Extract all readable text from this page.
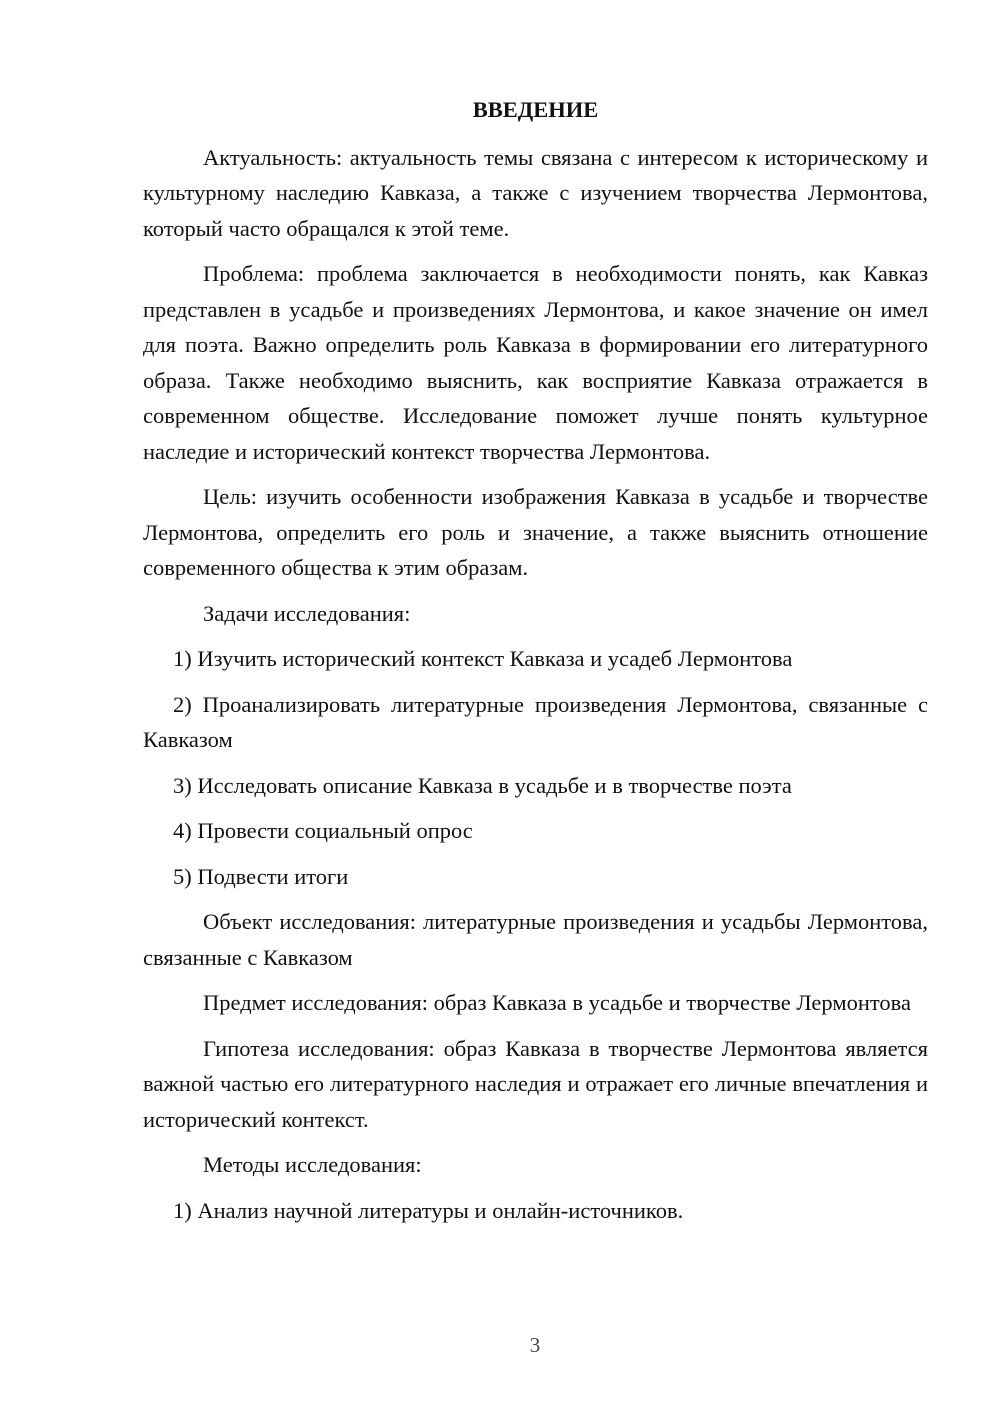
ВВЕДЕНИЕ

Актуальность: актуальность темы связана с интересом к историческому и культурному наследию Кавказа, а также с изучением творчества Лермонтова, который часто обращался к этой теме.

Проблема: проблема заключается в необходимости понять, как Кавказ представлен в усадьбе и произведениях Лермонтова, и какое значение он имел для поэта. Важно определить роль Кавказа в формировании его литературного образа. Также необходимо выяснить, как восприятие Кавказа отражается в современном обществе. Исследование поможет лучше понять культурное наследие и исторический контекст творчества Лермонтова.

Цель: изучить особенности изображения Кавказа в усадьбе и творчестве Лермонтова, определить его роль и значение, а также выяснить отношение современного общества к этим образам.

Задачи исследования:

1) Изучить исторический контекст Кавказа и усадеб Лермонтова

2) Проанализировать литературные произведения Лермонтова, связанные с Кавказом

3) Исследовать описание Кавказа в усадьбе и в творчестве поэта

4) Провести социальный опрос

5) Подвести итоги

Объект исследования: литературные произведения и усадьбы Лермонтова, связанные с Кавказом

Предмет исследования: образ Кавказа в усадьбе и творчестве Лермонтова

Гипотеза исследования: образ Кавказа в творчестве Лермонтова является важной частью его литературного наследия и отражает его личные впечатления и исторический контекст.

Методы исследования:

1) Анализ научной литературы и онлайн-источников.

3
